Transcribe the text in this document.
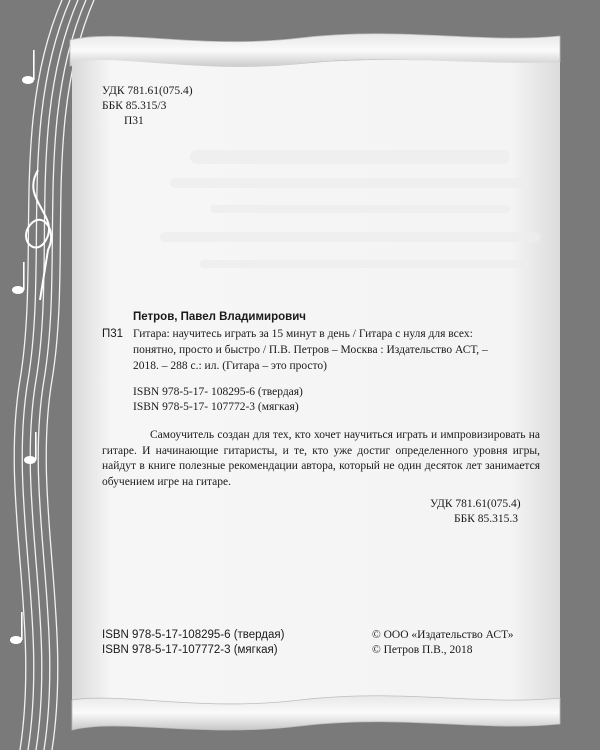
УДК 781.61(075.4)
ББК 85.315/3
П31
Петров, Павел Владимирович
П31 Гитара: научитесь играть за 15 минут в день / Гитара с нуля для всех:
понятно, просто и быстро / П.В. Петров – Москва : Издательство АСТ, –
2018. – 288 с.: ил. (Гитара – это просто)
ISBN 978-5-17- 108295-6 (твердая)
ISBN 978-5-17- 107772-3 (мягкая)
Самоучитель создан для тех, кто хочет научиться играть и импровизировать на гитаре. И начинающие гитаристы, и те, кто уже достиг определенного уровня игры, найдут в книге полезные рекомендации автора, который не один десяток лет занимается обучением игре на гитаре.
УДК 781.61(075.4)
ББК 85.315.3
ISBN 978-5-17-108295-6 (твердая)
ISBN 978-5-17-107772-3 (мягкая)
© ООО «Издательство АСТ»
© Петров П.В., 2018
